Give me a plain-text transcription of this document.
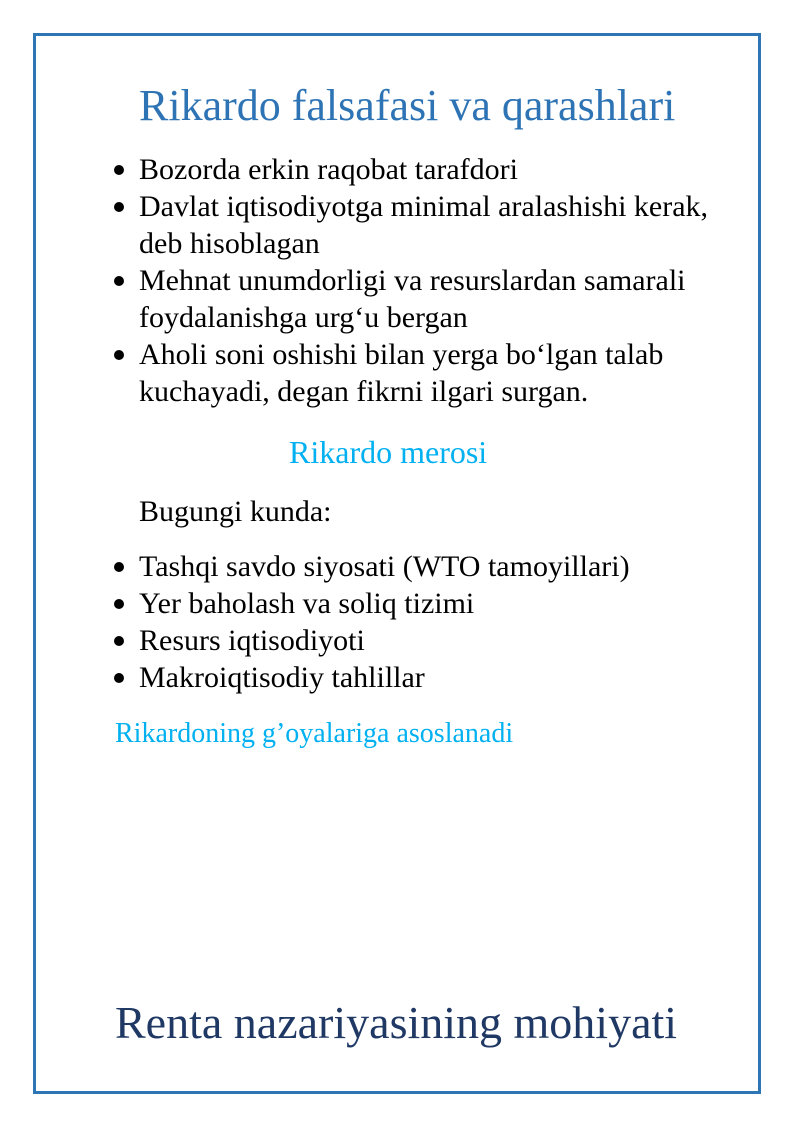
Rikardo falsafasi va qarashlari
Bozorda erkin raqobat tarafdori
Davlat iqtisodiyotga minimal aralashishi kerak, deb hisoblagan
Mehnat unumdorligi va resurslardan samarali foydalanishga urg‘u bergan
Aholi soni oshishi bilan yerga bo‘lgan talab kuchayadi, degan fikrni ilgari surgan.
Rikardo merosi
Bugungi kunda:
Tashqi savdo siyosati (WTO tamoyillari)
Yer baholash va soliq tizimi
Resurs iqtisodiyoti
Makroiqtisodiy tahlillar
Rikardoning g’oyalariga asoslanadi
Renta nazariyasining mohiyati
